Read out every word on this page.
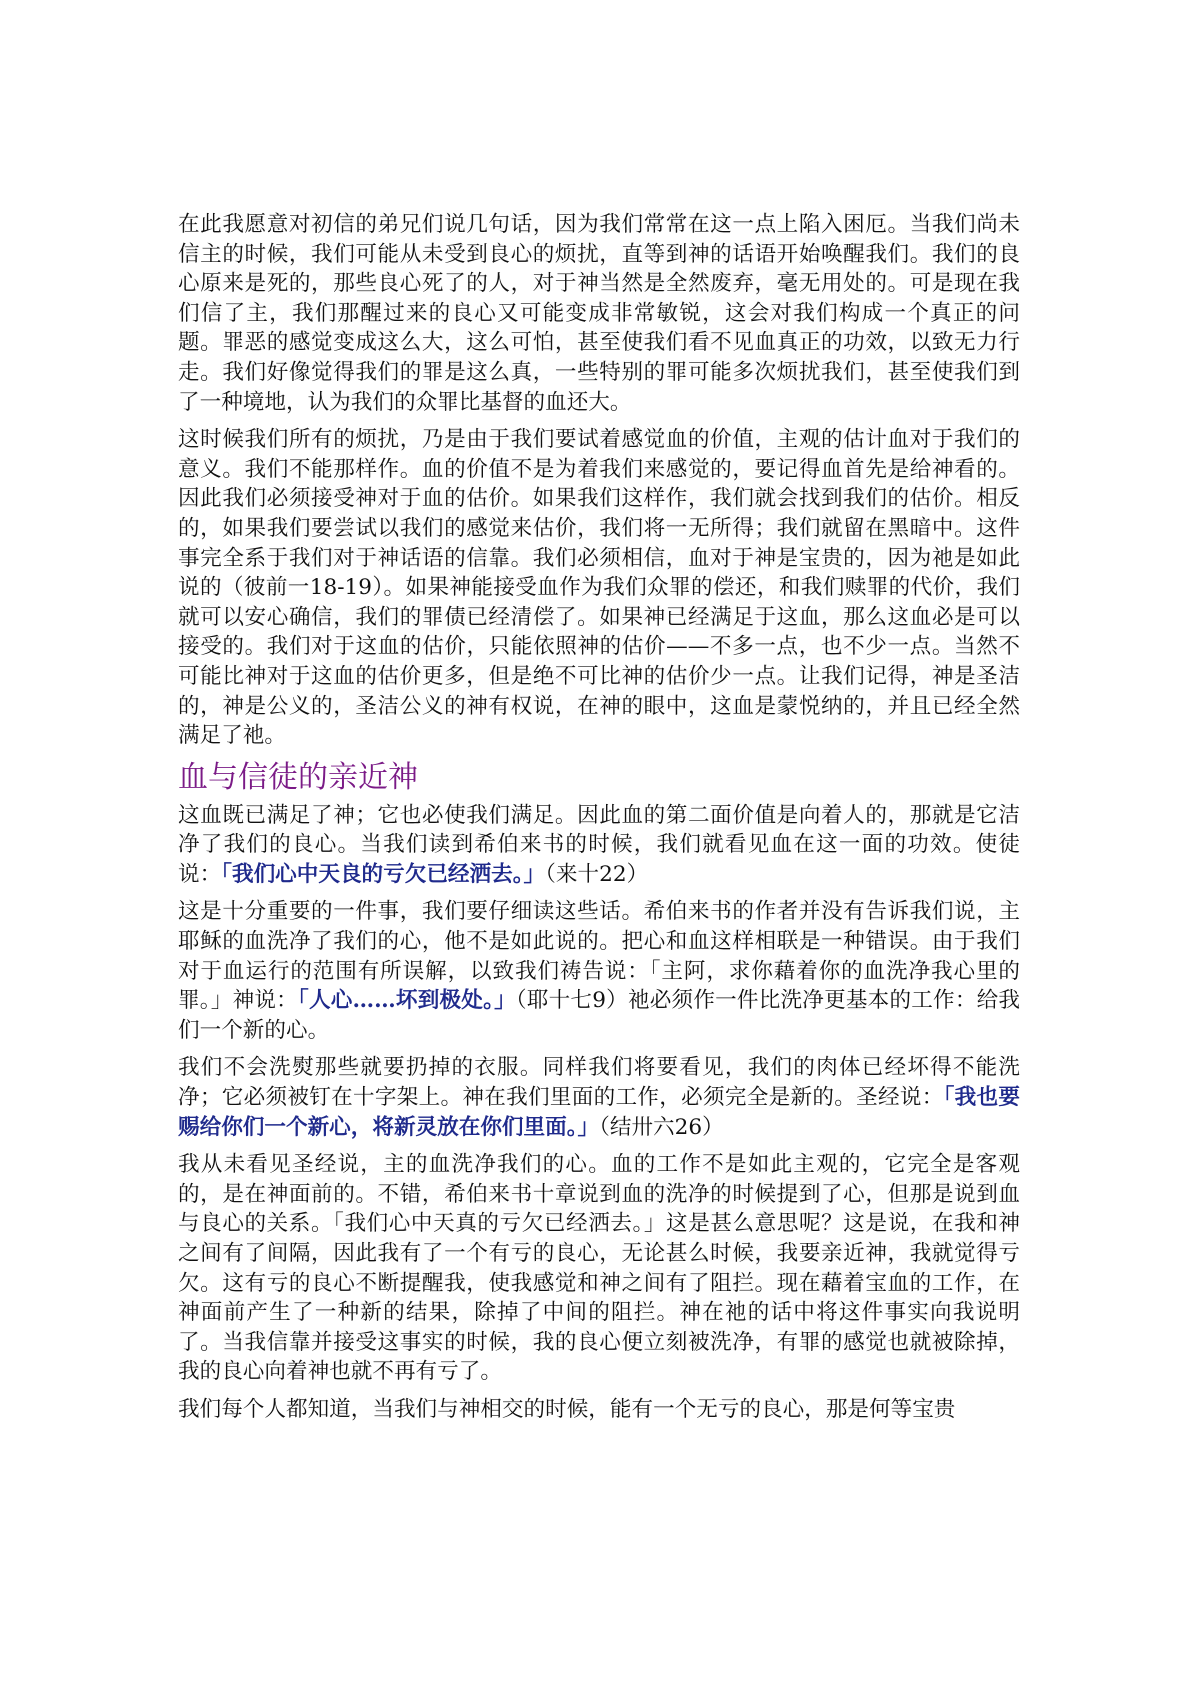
在此我愿意对初信的弟兄们说几句话，因为我们常常在这一点上陷入困厄。当我们尚未信主的时候，我们可能从未受到良心的烦扰，直等到神的话语开始唤醒我们。我们的良心原来是死的，那些良心死了的人，对于神当然是全然废弃，毫无用处的。可是现在我们信了主，我们那醒过来的良心又可能变成非常敏锐，这会对我们构成一个真正的问题。罪恶的感觉变成这么大，这么可怕，甚至使我们看不见血真正的功效，以致无力行走。我们好像觉得我们的罪是这么真，一些特别的罪可能多次烦扰我们，甚至使我们到了一种境地，认为我们的众罪比基督的血还大。

这时候我们所有的烦扰，乃是由于我们要试着感觉血的价值，主观的估计血对于我们的意义。我们不能那样作。血的价值不是为着我们来感觉的，要记得血首先是给神看的。因此我们必须接受神对于血的估价。如果我们这样作，我们就会找到我们的估价。相反的，如果我们要尝试以我们的感觉来估价，我们将一无所得；我们就留在黑暗中。这件事完全系于我们对于神话语的信靠。我们必须相信，血对于神是宝贵的，因为祂是如此说的（彼前一18-19）。如果神能接受血作为我们众罪的偿还，和我们赎罪的代价，我们就可以安心确信，我们的罪债已经清偿了。如果神已经满足于这血，那么这血必是可以接受的。我们对于这血的估价，只能依照神的估价——不多一点，也不少一点。当然不可能比神对于这血的估价更多，但是绝不可比神的估价少一点。让我们记得，神是圣洁的，神是公义的，圣洁公义的神有权说，在神的眼中，这血是蒙悦纳的，并且已经全然满足了祂。

血与信徒的亲近神

这血既已满足了神；它也必使我们满足。因此血的第二面价值是向着人的，那就是它洁净了我们的良心。当我们读到希伯来书的时候，我们就看见血在这一面的功效。使徒说：「我们心中天良的亏欠已经洒去。」（来十22）

这是十分重要的一件事，我们要仔细读这些话。希伯来书的作者并没有告诉我们说，主耶稣的血洗净了我们的心，他不是如此说的。把心和血这样相联是一种错误。由于我们对于血运行的范围有所误解，以致我们祷告说：「主阿，求你藉着你的血洗净我心里的罪。」神说：「人心……坏到极处。」（耶十七9）祂必须作一件比洗净更基本的工作：给我们一个新的心。

我们不会洗熨那些就要扔掉的衣服。同样我们将要看见，我们的肉体已经坏得不能洗净；它必须被钉在十字架上。神在我们里面的工作，必须完全是新的。圣经说：「我也要赐给你们一个新心，将新灵放在你们里面。」（结卅六26）

我从未看见圣经说，主的血洗净我们的心。血的工作不是如此主观的，它完全是客观的，是在神面前的。不错，希伯来书十章说到血的洗净的时候提到了心，但那是说到血与良心的关系。「我们心中天真的亏欠已经洒去。」这是甚么意思呢？这是说，在我和神之间有了间隔，因此我有了一个有亏的良心，无论甚么时候，我要亲近神，我就觉得亏欠。这有亏的良心不断提醒我，使我感觉和神之间有了阻拦。现在藉着宝血的工作，在神面前产生了一种新的结果，除掉了中间的阻拦。神在祂的话中将这件事实向我说明了。当我信靠并接受这事实的时候，我的良心便立刻被洗净，有罪的感觉也就被除掉，我的良心向着神也就不再有亏了。

我们每个人都知道，当我们与神相交的时候，能有一个无亏的良心，那是何等宝贵
